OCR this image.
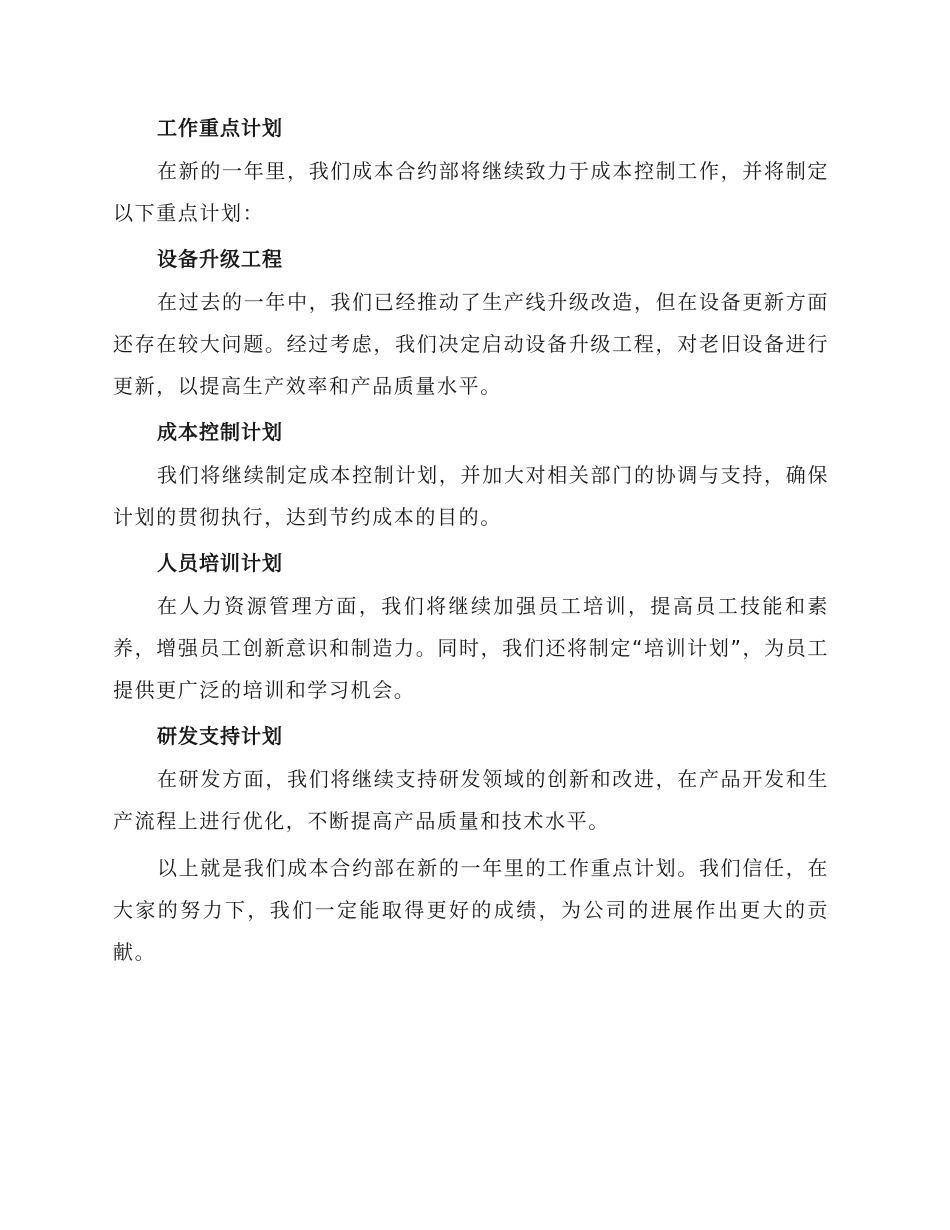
工作重点计划

在新的一年里，我们成本合约部将继续致力于成本控制工作，并将制定以下重点计划：

设备升级工程

在过去的一年中，我们已经推动了生产线升级改造，但在设备更新方面还存在较大问题。经过考虑，我们决定启动设备升级工程，对老旧设备进行更新，以提高生产效率和产品质量水平。

成本控制计划

我们将继续制定成本控制计划，并加大对相关部门的协调与支持，确保计划的贯彻执行，达到节约成本的目的。

人员培训计划

在人力资源管理方面，我们将继续加强员工培训，提高员工技能和素养，增强员工创新意识和制造力。同时，我们还将制定“培训计划”，为员工提供更广泛的培训和学习机会。

研发支持计划

在研发方面，我们将继续支持研发领域的创新和改进，在产品开发和生产流程上进行优化，不断提高产品质量和技术水平。

以上就是我们成本合约部在新的一年里的工作重点计划。我们信任，在大家的努力下，我们一定能取得更好的成绩，为公司的进展作出更大的贡献。
